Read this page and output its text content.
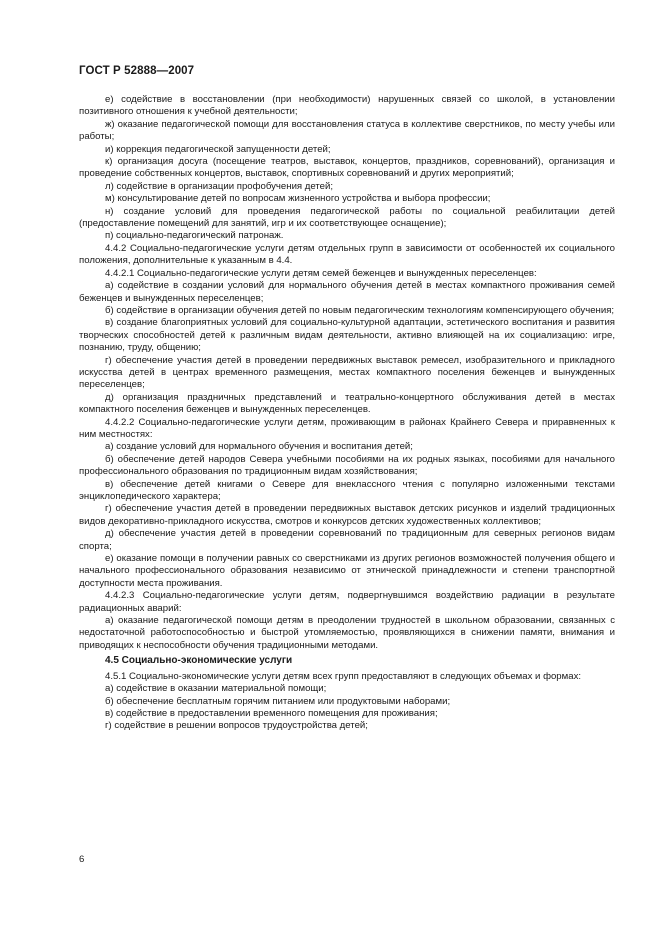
ГОСТ Р 52888—2007

е) содействие в восстановлении (при необходимости) нарушенных связей со школой, в установлении позитивного отношения к учебной деятельности;

ж) оказание педагогической помощи для восстановления статуса в коллективе сверстников, по месту учебы или работы;

и) коррекция педагогической запущенности детей;

к) организация досуга (посещение театров, выставок, концертов, праздников, соревнований), организация и проведение собственных концертов, выставок, спортивных соревнований и других мероприятий;

л) содействие в организации профобучения детей;

м) консультирование детей по вопросам жизненного устройства и выбора профессии;

н) создание условий для проведения педагогической работы по социальной реабилитации детей (предоставление помещений для занятий, игр и их соответствующее оснащение);

п) социально-педагогический патронаж.

4.4.2 Социально-педагогические услуги детям отдельных групп в зависимости от особенностей их социального положения, дополнительные к указанным в 4.4.

4.4.2.1 Социально-педагогические услуги детям семей беженцев и вынужденных переселенцев:

а) содействие в создании условий для нормального обучения детей в местах компактного проживания семей беженцев и вынужденных переселенцев;

б) содействие в организации обучения детей по новым педагогическим технологиям компенсирующего обучения;

в) создание благоприятных условий для социально-культурной адаптации, эстетического воспитания и развития творческих способностей детей к различным видам деятельности, активно влияющей на их социализацию: игре, познанию, труду, общению;

г) обеспечение участия детей в проведении передвижных выставок ремесел, изобразительного и прикладного искусства детей в центрах временного размещения, местах компактного поселения беженцев и вынужденных переселенцев;

д) организация праздничных представлений и театрально-концертного обслуживания детей в местах компактного поселения беженцев и вынужденных переселенцев.

4.4.2.2 Социально-педагогические услуги детям, проживающим в районах Крайнего Севера и приравненных к ним местностях:

а) создание условий для нормального обучения и воспитания детей;

б) обеспечение детей народов Севера учебными пособиями на их родных языках, пособиями для начального профессионального образования по традиционным видам хозяйствования;

в) обеспечение детей книгами о Севере для внеклассного чтения с популярно изложенными текстами энциклопедического характера;

г) обеспечение участия детей в проведении передвижных выставок детских рисунков и изделий традиционных видов декоративно-прикладного искусства, смотров и конкурсов детских художественных коллективов;

д) обеспечение участия детей в проведении соревнований по традиционным для северных регионов видам спорта;

е) оказание помощи в получении равных со сверстниками из других регионов возможностей получения общего и начального профессионального образования независимо от этнической принадлежности и степени транспортной доступности места проживания.

4.4.2.3 Социально-педагогические услуги детям, подвергнувшимся воздействию радиации в результате радиационных аварий:

а) оказание педагогической помощи детям в преодолении трудностей в школьном образовании, связанных с недостаточной работоспособностью и быстрой утомляемостью, проявляющихся в снижении памяти, внимания и приводящих к неспособности обучения традиционными методами.

4.5 Социально-экономические услуги

4.5.1 Социально-экономические услуги детям всех групп предоставляют в следующих объемах и формах:

а) содействие в оказании материальной помощи;

б) обеспечение бесплатным горячим питанием или продуктовыми наборами;

в) содействие в предоставлении временного помещения для проживания;

г) содействие в решении вопросов трудоустройства детей;

6
